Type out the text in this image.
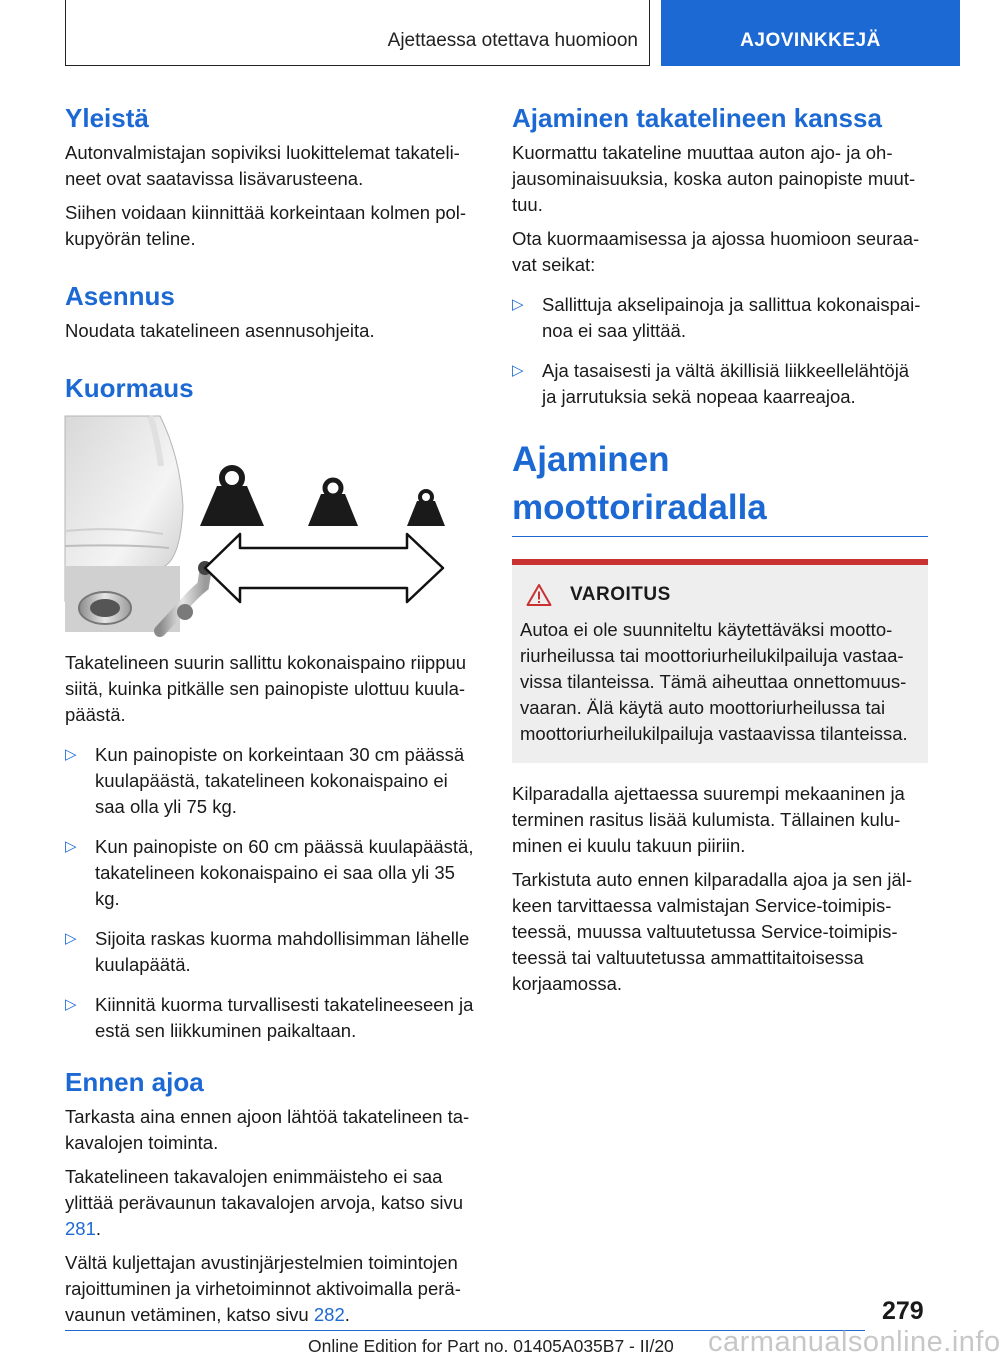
Ajettaessa otettava huomioon	AJOVINKKEJÄ
Yleistä

Autonvalmistajan sopiviksi luokittelemat takateli- neet ovat saatavissa lisävarusteena.

Siihen voidaan kiinnittää korkeintaan kolmen pol- kupyörän teline.

Asennus

Noudata takatelineen asennusohjeita.

Kuormaus

Takatelineen suurin sallittu kokonaispaino riippuu siitä, kuinka pitkälle sen painopiste ulottuu kuula- päästä.

▷ Kun painopiste on korkeintaan 30 cm päässä kuulapäästä, takatelineen kokonaispaino ei saa olla yli 75 kg.
▷ Kun painopiste on 60 cm päässä kuulapäästä, takatelineen kokonaispaino ei saa olla yli 35 kg.
▷ Sijoita raskas kuorma mahdollisimman lähelle kuulapäätä.
▷ Kiinnitä kuorma turvallisesti takatelineeseen ja estä sen liikkuminen paikaltaan.
Ennen ajoa

Tarkasta aina ennen ajoon lähtöä takatelineen ta- kavalojen toiminta.

Takatelineen takavalojen enimmäisteho ei saa ylittää perävaunun takavalojen arvoja, katso sivu 281.

Vältä kuljettajan avustinjärjestelmien toimintojen rajoittuminen ja virhetoiminnot aktivoimalla perä- vaunun vetäminen, katso sivu 282.

Ajaminen takatelineen kanssa

Kuormattu takateline muuttaa auton ajo- ja oh- jausominaisuuksia, koska auton painopiste muut- tuu.

Ota kuormaamisessa ja ajossa huomioon seuraa- vat seikat:

▷ Sallittuja akselipainoja ja sallittua kokonaispai- noa ei saa ylittää.
▷ Aja tasaisesti ja vältä äkillisiä liikkeellelähtöjä ja jarrutuksia sekä nopeaa kaarreajoa.
Ajaminen moottoriradalla
VAROITUS

Autoa ei ole suunniteltu käytettäväksi mootto- riurheilussa tai moottoriurheilukilpailuja vastaa- vissa tilanteissa. Tämä aiheuttaa onnettomuus- vaaran. Älä käytä auto moottoriurheilussa tai moottoriurheilukilpailuja vastaavissa tilanteissa.

Kilparadalla ajettaessa suurempi mekaaninen ja terminen rasitus lisää kulumista. Tällainen kulu- minen ei kuulu takuun piiriin.

Tarkistuta auto ennen kilparadalla ajoa ja sen jäl- keen tarvittaessa valmistajan Service-toimipis- teessä, muussa valtuutetussa Service-toimipis- teessä tai valtuutetussa ammattitaitoisessa korjaamossa.

279
Online Edition for Part no. 01405A035B7 - II/20 carmanualsonline.info
